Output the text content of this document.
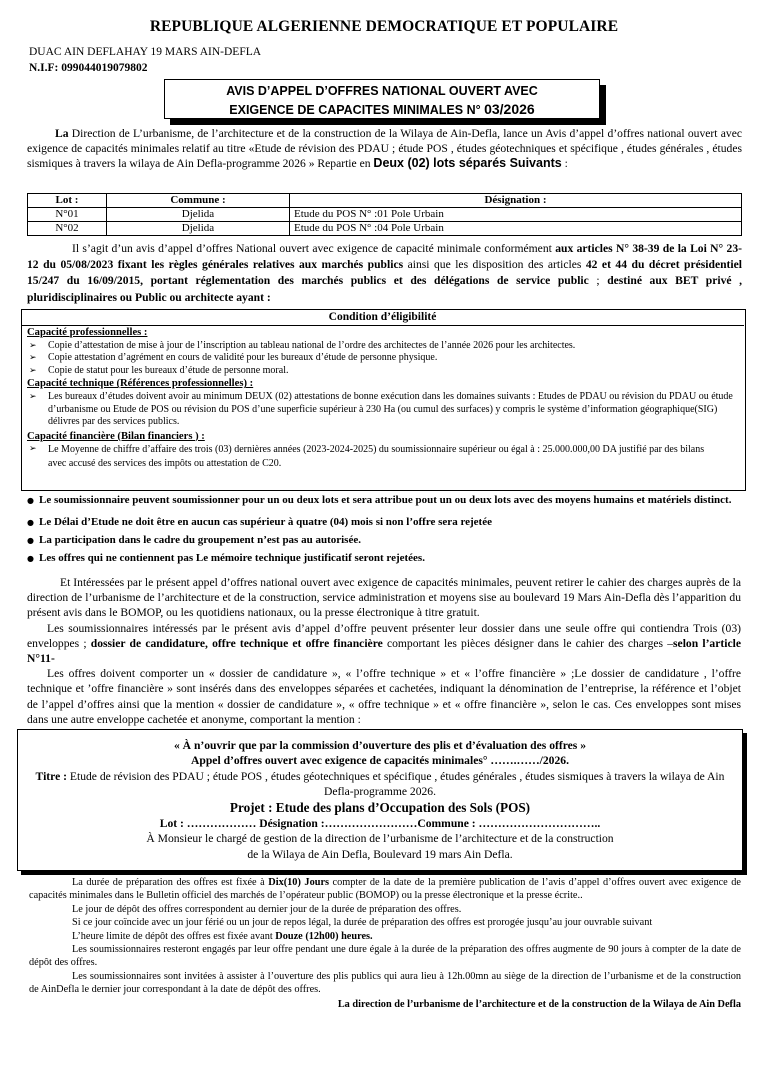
REPUBLIQUE ALGERIENNE DEMOCRATIQUE ET POPULAIRE
DUAC AIN DEFLAHAY 19 MARS AIN-DEFLA
N.I.F: 099044019079802
AVIS D’APPEL D’OFFRES NATIONAL OUVERT AVEC
EXIGENCE DE CAPACITES MINIMALES N° 03/2026
La Direction de L’urbanisme, de l’architecture et de la construction de la Wilaya de Ain-Defla, lance un Avis d’appel d’offres national ouvert avec exigence de capacités minimales relatif au titre «Etude de révision des PDAU ; étude POS , études géotechniques et spécifique , études générales , études sismiques à travers la wilaya de Ain Defla-programme 2026 » Repartie en Deux (02) lots séparés Suivants :
Lot :	Commune :	Désignation :
N°01	Djelida	Etude du POS N° :01 Pole Urbain
N°02	Djelida	Etude du POS N° :04 Pole Urbain
Il s’agit d’un avis d’appel d’offres National ouvert avec exigence de capacité minimale conformément aux articles N° 38-39 de la Loi N° 23-12 du 05/08/2023 fixant les règles générales relatives aux marchés publics ainsi que les disposition des articles 42 et 44 du décret présidentiel 15/247 du 16/09/2015, portant réglementation des marchés publics et des délégations de service public ; destiné aux BET privé , pluridisciplinaires ou Public ou architecte ayant :
Condition d’éligibilité
Capacité professionnelles :
➢ Copie d’attestation de mise à jour de l’inscription au tableau national de l’ordre des architectes de l’année 2026 pour les architectes.
➢ Copie attestation d’agrément en cours de validité pour les bureaux d’étude de personne physique.
➢ Copie de statut pour les bureaux d’étude de personne moral.
Capacité technique (Références professionnelles) :
➢ Les bureaux d’études doivent avoir au minimum DEUX (02) attestations de bonne exécution dans les domaines suivants : Etudes de PDAU ou révision du PDAU ou étude d’urbanisme ou Etude de POS ou révision du POS d’une superficie supérieur à 230 Ha (ou cumul des surfaces) y compris le système d’information géographique(SIG) délivres par des services publics.
Capacité financière (Bilan financiers ) :
➢ Le Moyenne de chiffre d’affaire des trois (03) dernières années (2023-2024-2025) du soumissionnaire supérieur ou égal à : 25.000.000,00 DA justifié par des bilans avec accusé des services des impôts ou attestation de C20.
● Le soumissionnaire peuvent soumissionner pour un ou deux lots et sera attribue pout un ou deux lots avec des moyens humains et matériels distinct.
● Le Délai d’Etude ne doit être en aucun cas supérieur à quatre (04) mois si non l’offre sera rejetée
● La participation dans le cadre du groupement n’est pas au autorisée.
● Les offres qui ne contiennent pas Le mémoire technique justificatif seront rejetées.
Et Intéressées par le présent appel d’offres national ouvert avec exigence de capacités minimales, peuvent retirer le cahier des charges auprès de la direction de l’urbanisme de l’architecture et de la construction, service administration et moyens sise au boulevard 19 Mars Ain-Defla dès l’apparition du présent avis dans le BOMOP, ou les quotidiens nationaux, ou la presse électronique à titre gratuit.
Les soumissionnaires intéressés par le présent avis d’appel d’offre peuvent présenter leur dossier dans une seule offre qui contiendra Trois (03) enveloppes ; dossier de candidature, offre technique et offre financière comportant les pièces désigner dans le cahier des charges –selon l’article N°11-
Les offres doivent comporter un « dossier de candidature », « l’offre technique » et « l’offre financière » ;Le dossier de candidature , l’offre technique et ’offre financière » sont insérés dans des enveloppes séparées et cachetées, indiquant la dénomination de l’entreprise, la référence et l’objet de l’appel d’offres ainsi que la mention « dossier de candidature », « offre technique » et « offre financière », selon le cas. Ces enveloppes sont mises dans une autre enveloppe cachetée et anonyme, comportant la mention :
« À n’ouvrir que par la commission d’ouverture des plis et d’évaluation des offres »
Appel d’offres ouvert avec exigence de capacités minimales° …….……/2026.
Titre : Etude de révision des PDAU ; étude POS , études géotechniques et spécifique , études générales , études sismiques à travers la wilaya de Ain Defla-programme 2026.
Projet : Etude des plans d’Occupation des Sols (POS)
Lot : ……………… Désignation :……………………Commune : …………………………..
À Monsieur le chargé de gestion de la direction de l’urbanisme de l’architecture et de la construction
de la Wilaya de Ain Defla, Boulevard 19 mars Ain Defla.
La durée de préparation des offres est fixée à Dix(10) Jours compter de la date de la première publication de l’avis d’appel d’offres ouvert avec exigence de capacités minimales dans le Bulletin officiel des marchés de l’opérateur public (BOMOP) ou la presse électronique et la presse écrite..
Le jour de dépôt des offres correspondent au dernier jour de la durée de préparation des offres.
Si ce jour coïncide avec un jour férié ou un jour de repos légal, la durée de préparation des offres est prorogée jusqu’au jour ouvrable suivant
L’heure limite de dépôt des offres est fixée avant Douze (12h00) heures.
Les soumissionnaires resteront engagés par leur offre pendant une dure égale à la durée de la préparation des offres augmente de 90 jours à compter de la date de dépôt des offres.
Les soumissionnaires sont invitées à assister à l’ouverture des plis publics qui aura lieu à 12h.00mn au siège de la direction de l’urbanisme et de la construction de AinDefla le dernier jour correspondant à la date de dépôt des offres.
La direction de l’urbanisme de l’architecture et de la construction de la Wilaya de Ain Defla
